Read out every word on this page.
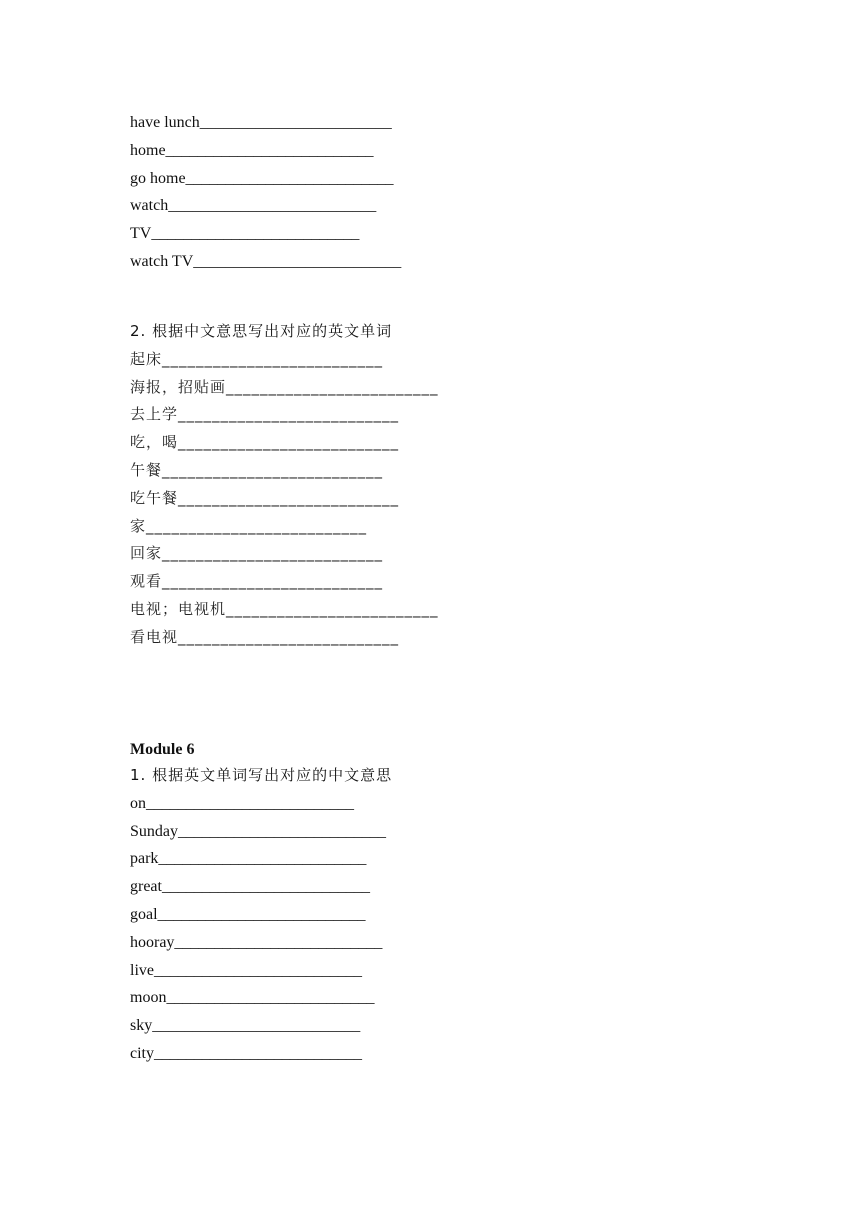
have lunch________________________
home__________________________
go home__________________________
watch__________________________
TV__________________________
watch TV__________________________
2. 根据中文意思写出对应的英文单词
起床__________________________
海报，招贴画_________________________
去上学__________________________
吃，喝__________________________
午餐__________________________
吃午餐__________________________
家__________________________
回家__________________________
观看__________________________
电视；电视机_________________________
看电视__________________________
Module 6
1. 根据英文单词写出对应的中文意思
on__________________________
Sunday__________________________
park__________________________
great__________________________
goal__________________________
hooray__________________________
live__________________________
moon__________________________
sky__________________________
city__________________________
